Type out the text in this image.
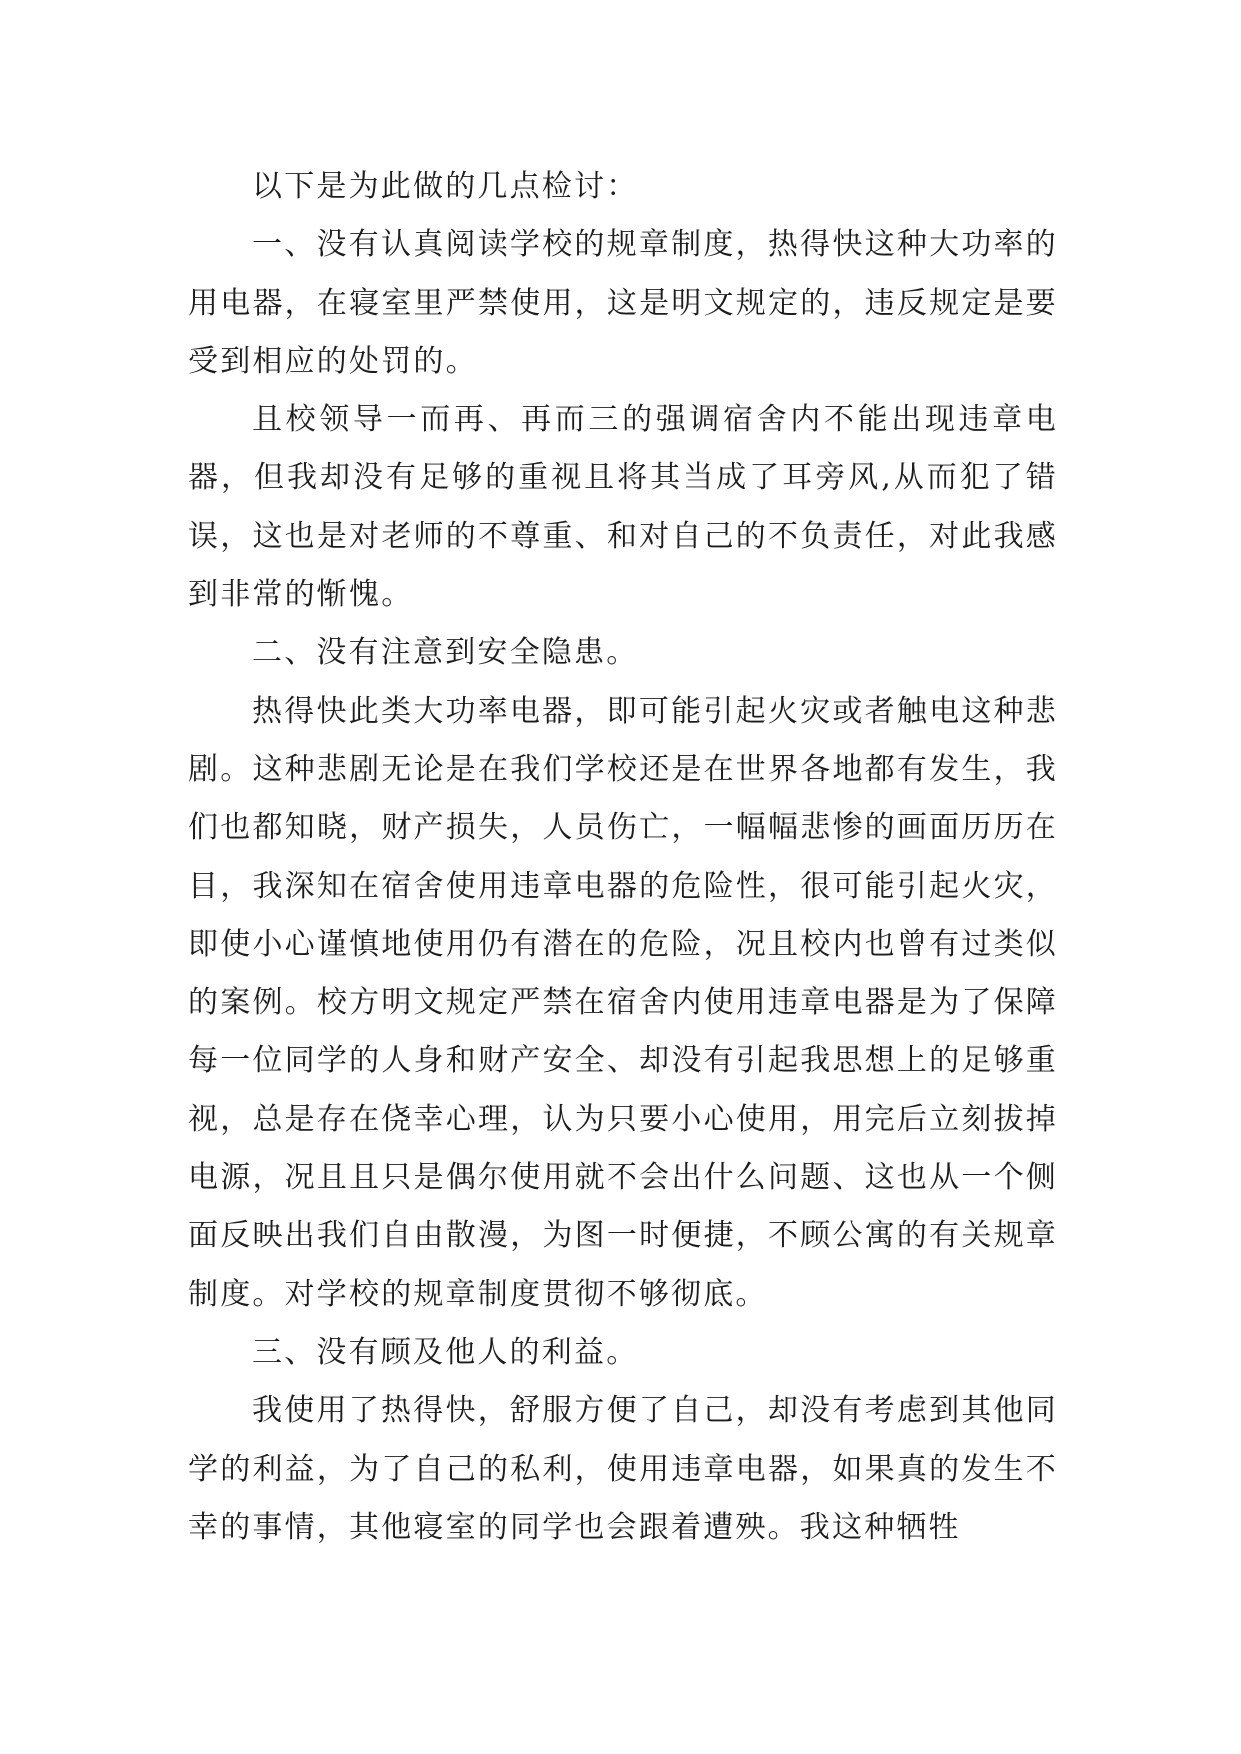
以下是为此做的几点检讨：

一、没有认真阅读学校的规章制度，热得快这种大功率的用电器，在寝室里严禁使用，这是明文规定的，违反规定是要受到相应的处罚的。

且校领导一而再、再而三的强调宿舍内不能出现违章电器，但我却没有足够的重视且将其当成了耳旁风,从而犯了错误，这也是对老师的不尊重、和对自己的不负责任，对此我感到非常的惭愧。

二、没有注意到安全隐患。

热得快此类大功率电器，即可能引起火灾或者触电这种悲剧。这种悲剧无论是在我们学校还是在世界各地都有发生，我们也都知晓，财产损失，人员伤亡，一幅幅悲惨的画面历历在目，我深知在宿舍使用违章电器的危险性，很可能引起火灾，即使小心谨慎地使用仍有潜在的危险，况且校内也曾有过类似的案例。校方明文规定严禁在宿舍内使用违章电器是为了保障每一位同学的人身和财产安全、却没有引起我思想上的足够重视，总是存在侥幸心理，认为只要小心使用，用完后立刻拔掉电源，况且且只是偶尔使用就不会出什么问题、这也从一个侧面反映出我们自由散漫，为图一时便捷，不顾公寓的有关规章制度。对学校的规章制度贯彻不够彻底。

三、没有顾及他人的利益。

我使用了热得快，舒服方便了自己，却没有考虑到其他同学的利益，为了自己的私利，使用违章电器，如果真的发生不幸的事情，其他寝室的同学也会跟着遭殃。我这种牺牲
